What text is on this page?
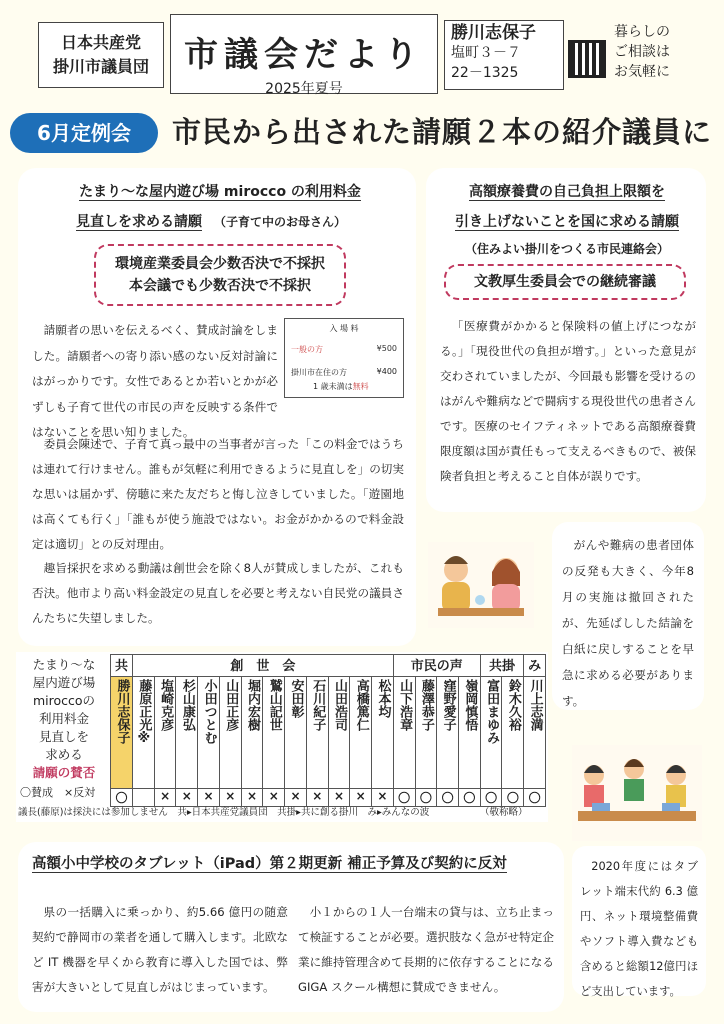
日本共産党
掛川市議員団	市議会だより
2025年夏号
勝川志保子
塩町３－７
22－1325
暮らしの
ご相談は
お気軽に
6月定例会	市民から出された請願２本の紹介議員に
たまり～な屋内遊び場 mirocco の利用料金
見直しを求める請願 （子育て中のお母さん）
環境産業委員会少数否決で不採択
本会議でも少数否決で不採択
入 場 料
一般の方	¥500
掛川市在住の方	¥400
1 歳未満は無料
請願者の思いを伝えるべく、賛成討論をしました。請願者への寄り添い感のない反対討論にはがっかりです。女性であるとか若いとかが必ずしも子育て世代の市民の声を反映する条件ではないことを思い知りました。
委員会陳述で、子育て真っ最中の当事者が言った「この料金ではうちは連れて行けません。誰もが気軽に利用できるように見直しを」の切実な思いは届かず、傍聴に来た友だちと悔し泣きしていました。「遊園地は高くても行く」「誰もが使う施設ではない。お金がかかるので料金設定は適切」との反対理由。
趣旨採択を求める動議は創世会を除く8人が賛成しましたが、これも否決。他市より高い料金設定の見直しを必要と考えない自民党の議員さんたちに失望しました。
高額療養費の自己負担上限額を
引き上げないことを国に求める請願
（住みよい掛川をつくる市民連絡会）
文教厚生委員会での継続審議
「医療費がかかると保険料の値上げにつながる。」「現役世代の負担が増す。」といった意見が交わされていましたが、今回最も影響を受けるのはがんや難病などで闘病する現役世代の患者さんです。医療のセイフティネットである高額療養費限度額は国が責任もって支えるべきもので、被保険者負担と考えること自体が誤りです。
がんや難病の患者団体の反発も大きく、今年8月の実施は撤回されたが、先延ばしした結論を白紙に戻しすることを早急に求める必要があります。
たまり～な
屋内遊び場
miroccoの
利用料金
見直しを
求める
請願の賛否
〇賛成　×反対
共	創　世　会												市民の声				共掛		み

勝川志保子	藤原正光※	塩崎克彦	杉山康弘	小田つとむ	山田正彦	堀内宏樹	鷲山記世	安田彰	石川紀子	山田浩司	高橋篤仁	松本均	山下浩章	藤澤恭子	窪野愛子	嶺岡慎悟	富田まゆみ	鈴木久裕	川上志満

〇		×	×	×	×	×	×	×	×	×	×	×	〇	〇	〇	〇	〇	〇	〇
議長(藤原)は採決には参加しません　共▸日本共産党議員団　共掛▸共に創る掛川　み▸みんなの波	（敬称略）
高額小中学校のタブレット（iPad）第２期更新 補正予算及び契約に反対
県の一括購入に乗っかり、約5.66 億円の随意契約で静岡市の業者を通して購入します。北欧など IT 機器を早くから教育に導入した国では、弊害が大きいとして見直しがはじまっています。
小１からの１人一台端末の貸与は、立ち止まって検証することが必要。選択肢なく急がせ特定企業に維持管理含めて長期的に依存することになる GIGA スクール構想に賛成できません。
2020年度にはタブレット端末代約 6.3 億円、ネット環境整備費やソフト導入費なども含めると総額12億円ほど支出しています。
